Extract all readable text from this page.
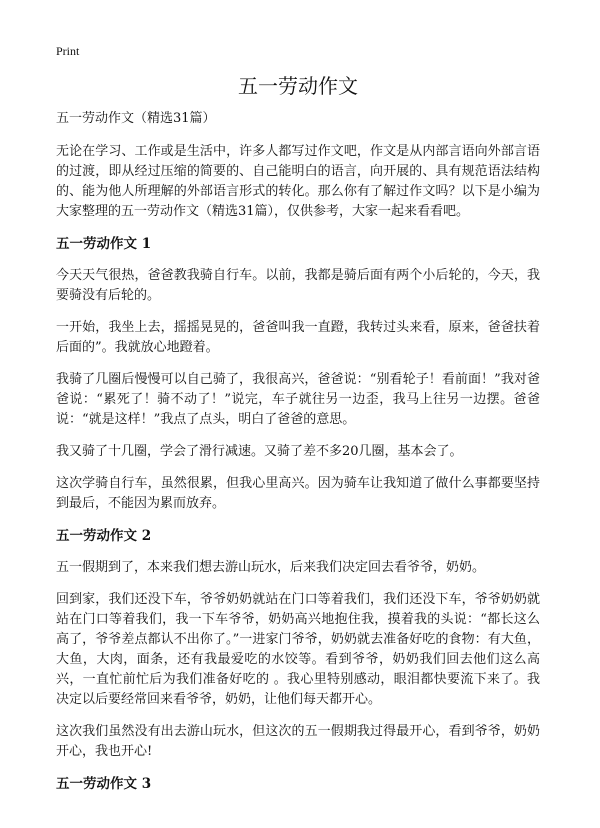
Print
五一劳动作文
五一劳动作文（精选31篇）

无论在学习、工作或是生活中，许多人都写过作文吧，作文是从内部言语向外部言语的过渡，即从经过压缩的简要的、自己能明白的语言，向开展的、具有规范语法结构的、能为他人所理解的外部语言形式的转化。那么你有了解过作文吗？以下是小编为大家整理的五一劳动作文（精选31篇），仅供参考，大家一起来看看吧。

五一劳动作文 1

今天天气很热，爸爸教我骑自行车。以前，我都是骑后面有两个小后轮的，今天，我要骑没有后轮的。

一开始，我坐上去，摇摇晃晃的，爸爸叫我一直蹬，我转过头来看，原来，爸爸扶着后面的”。我就放心地蹬着。

我骑了几圈后慢慢可以自己骑了，我很高兴，爸爸说：“别看轮子！看前面！”我对爸爸说：“累死了！骑不动了！”说完，车子就往另一边歪，我马上往另一边摆。爸爸说：“就是这样！”我点了点头，明白了爸爸的意思。

我又骑了十几圈，学会了滑行减速。又骑了差不多20几圈，基本会了。

这次学骑自行车，虽然很累，但我心里高兴。因为骑车让我知道了做什么事都要坚持到最后，不能因为累而放弃。

五一劳动作文 2

五一假期到了，本来我们想去游山玩水，后来我们决定回去看爷爷，奶奶。

回到家，我们还没下车，爷爷奶奶就站在门口等着我们，我们还没下车，爷爷奶奶就站在门口等着我们，我一下车爷爷，奶奶高兴地抱住我，摸着我的头说：“都长这么高了，爷爷差点都认不出你了。”一进家门爷爷，奶奶就去准备好吃的食物：有大鱼，大鱼，大肉，面条，还有我最爱吃的水饺等。看到爷爷，奶奶我们回去他们这么高兴，一直忙前忙后为我们准备好吃的 。我心里特别感动，眼泪都快要流下来了。我决定以后要经常回来看爷爷，奶奶，让他们每天都开心。

这次我们虽然没有出去游山玩水，但这次的五一假期我过得最开心，看到爷爷，奶奶开心，我也开心!

五一劳动作文 3
